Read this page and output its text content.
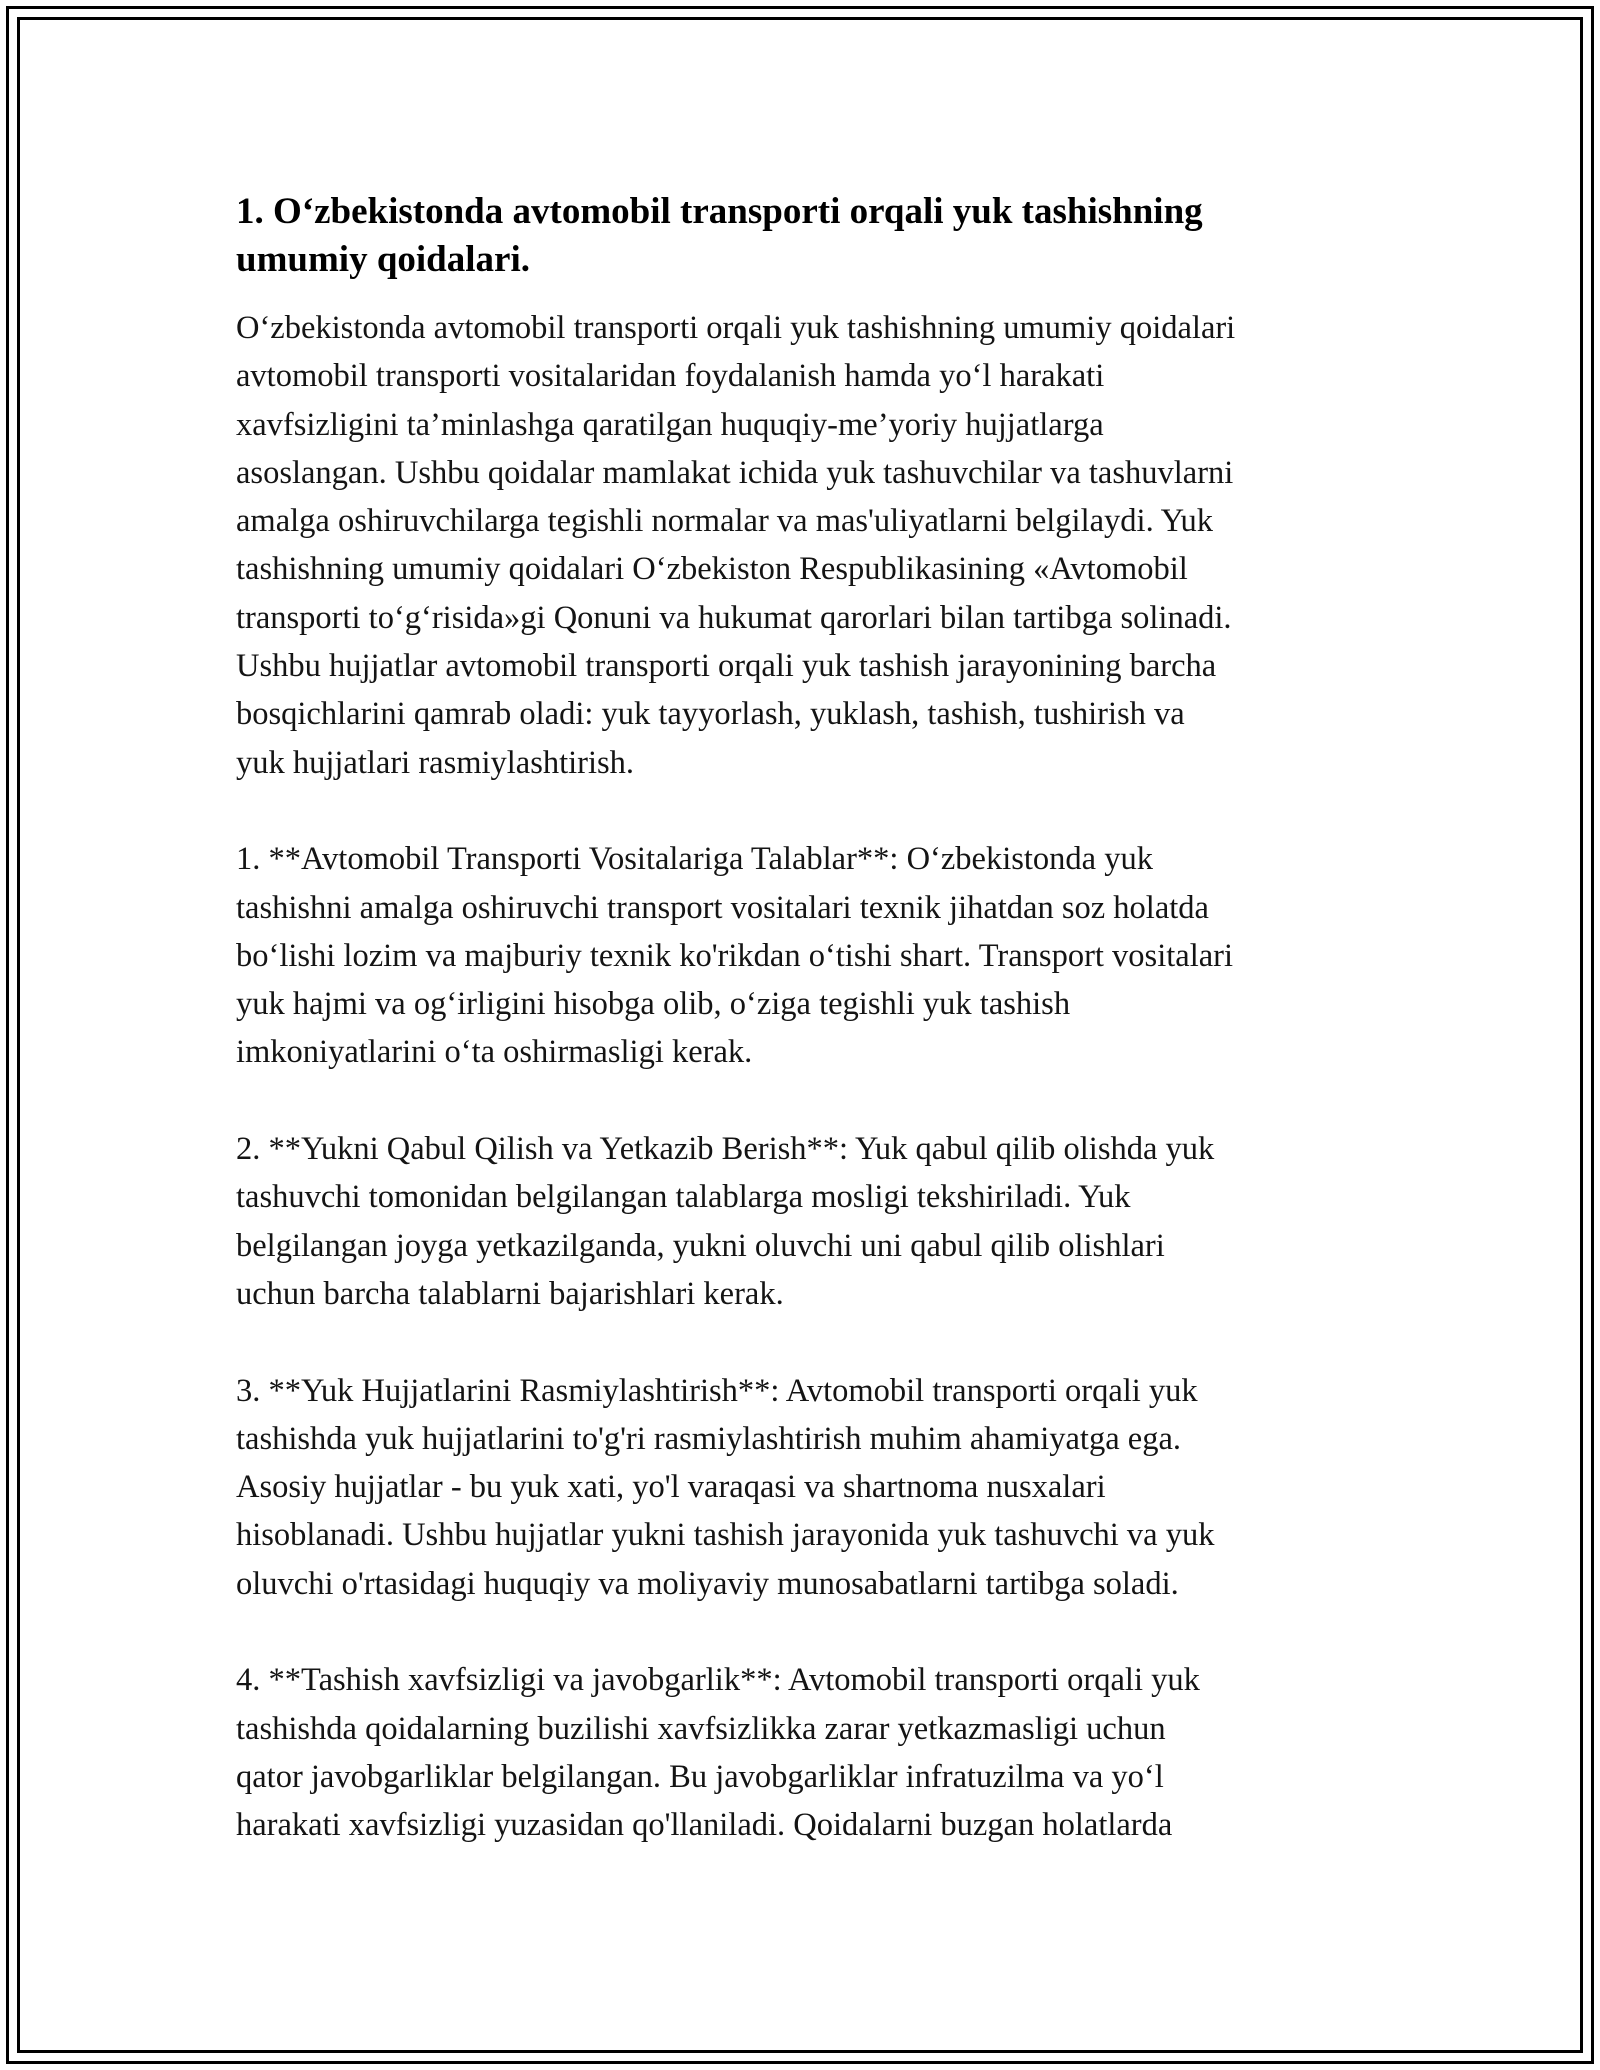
1. O‘zbekistonda avtomobil transporti orqali yuk tashishning
umumiy qoidalari.
O‘zbekistonda avtomobil transporti orqali yuk tashishning umumiy qoidalari
avtomobil transporti vositalaridan foydalanish hamda yo‘l harakati
xavfsizligini ta’minlashga qaratilgan huquqiy-me’yoriy hujjatlarga
asoslangan. Ushbu qoidalar mamlakat ichida yuk tashuvchilar va tashuvlarni
amalga oshiruvchilarga tegishli normalar va mas'uliyatlarni belgilaydi. Yuk
tashishning umumiy qoidalari O‘zbekiston Respublikasining «Avtomobil
transporti to‘g‘risida»gi Qonuni va hukumat qarorlari bilan tartibga solinadi.
Ushbu hujjatlar avtomobil transporti orqali yuk tashish jarayonining barcha
bosqichlarini qamrab oladi: yuk tayyorlash, yuklash, tashish, tushirish va
yuk hujjatlari rasmiylashtirish.
1. **Avtomobil Transporti Vositalariga Talablar**: O‘zbekistonda yuk
tashishni amalga oshiruvchi transport vositalari texnik jihatdan soz holatda
bo‘lishi lozim va majburiy texnik ko'rikdan o‘tishi shart. Transport vositalari
yuk hajmi va og‘irligini hisobga olib, o‘ziga tegishli yuk tashish
imkoniyatlarini o‘ta oshirmasligi kerak.
2. **Yukni Qabul Qilish va Yetkazib Berish**: Yuk qabul qilib olishda yuk
tashuvchi tomonidan belgilangan talablarga mosligi tekshiriladi. Yuk
belgilangan joyga yetkazilganda, yukni oluvchi uni qabul qilib olishlari
uchun barcha talablarni bajarishlari kerak.
3. **Yuk Hujjatlarini Rasmiylashtirish**: Avtomobil transporti orqali yuk
tashishda yuk hujjatlarini to'g'ri rasmiylashtirish muhim ahamiyatga ega.
Asosiy hujjatlar - bu yuk xati, yo'l varaqasi va shartnoma nusxalari
hisoblanadi. Ushbu hujjatlar yukni tashish jarayonida yuk tashuvchi va yuk
oluvchi o'rtasidagi huquqiy va moliyaviy munosabatlarni tartibga soladi.
4. **Tashish xavfsizligi va javobgarlik**: Avtomobil transporti orqali yuk
tashishda qoidalarning buzilishi xavfsizlikka zarar yetkazmasligi uchun
qator javobgarliklar belgilangan. Bu javobgarliklar infratuzilma va yo‘l
harakati xavfsizligi yuzasidan qo'llaniladi. Qoidalarni buzgan holatlarda
